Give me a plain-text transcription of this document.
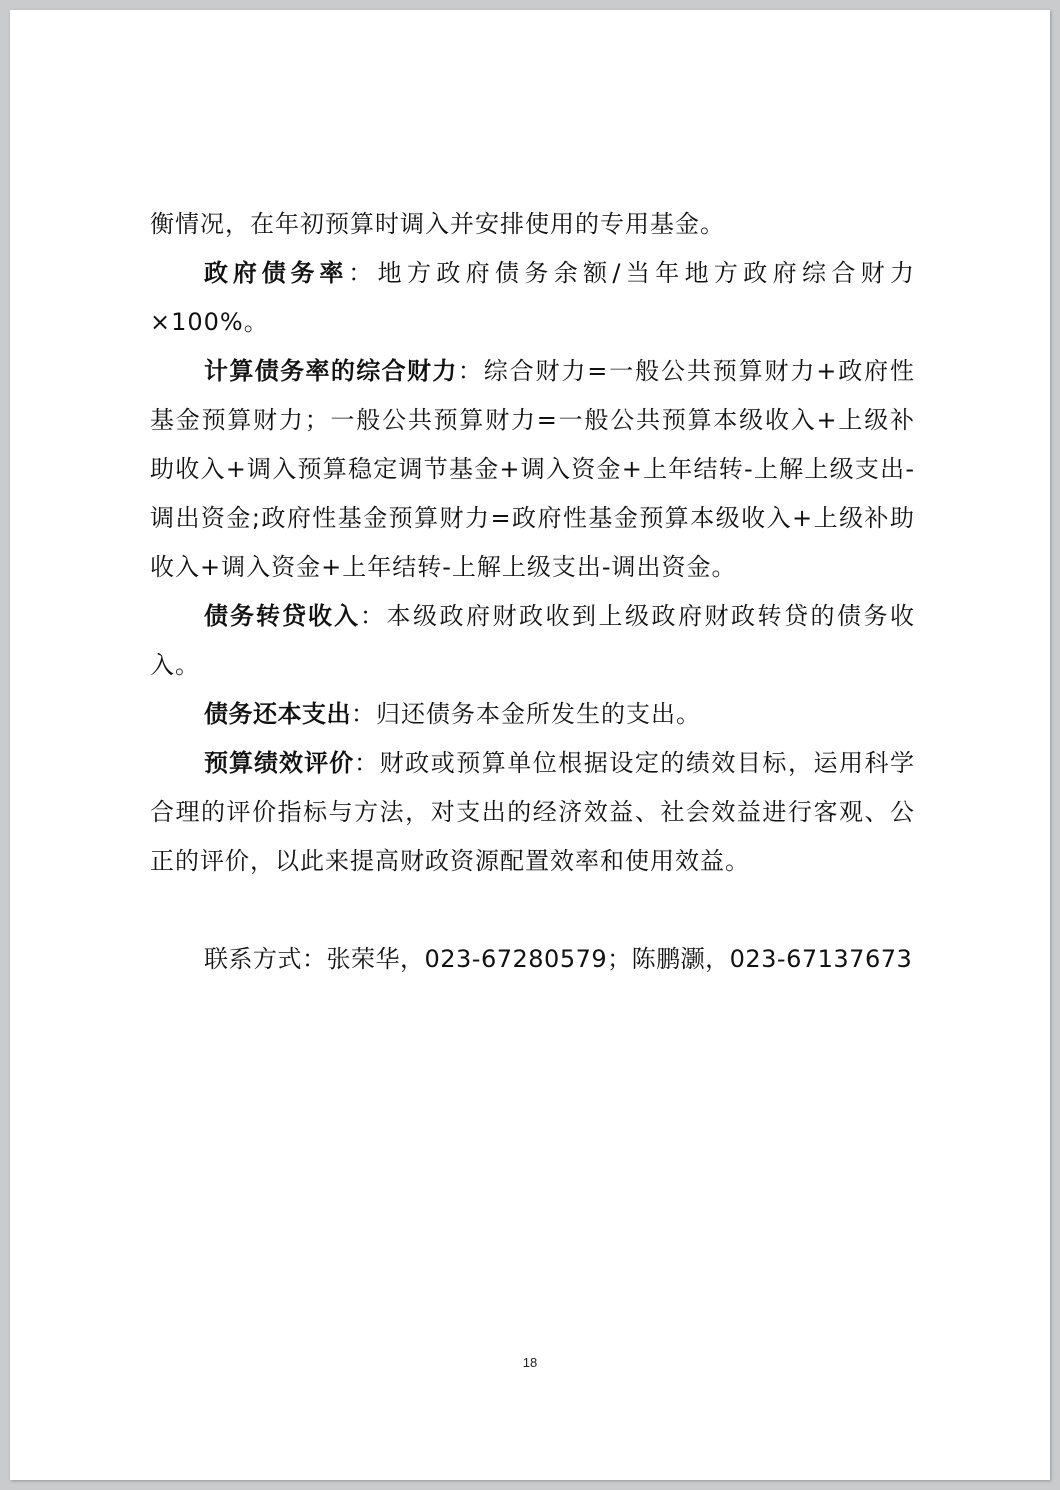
衡情况，在年初预算时调入并安排使用的专用基金。

政府债务率：地方政府债务余额/当年地方政府综合财力×100%。

计算债务率的综合财力：综合财力=一般公共预算财力+政府性基金预算财力；一般公共预算财力=一般公共预算本级收入+上级补助收入+调入预算稳定调节基金+调入资金+上年结转-上解上级支出-调出资金;政府性基金预算财力=政府性基金预算本级收入+上级补助收入+调入资金+上年结转-上解上级支出-调出资金。

债务转贷收入：本级政府财政收到上级政府财政转贷的债务收入。

债务还本支出：归还债务本金所发生的支出。

预算绩效评价：财政或预算单位根据设定的绩效目标，运用科学合理的评价指标与方法，对支出的经济效益、社会效益进行客观、公正的评价，以此来提高财政资源配置效率和使用效益。

联系方式：张荣华，023-67280579；陈鹏灏，023-67137673

18
